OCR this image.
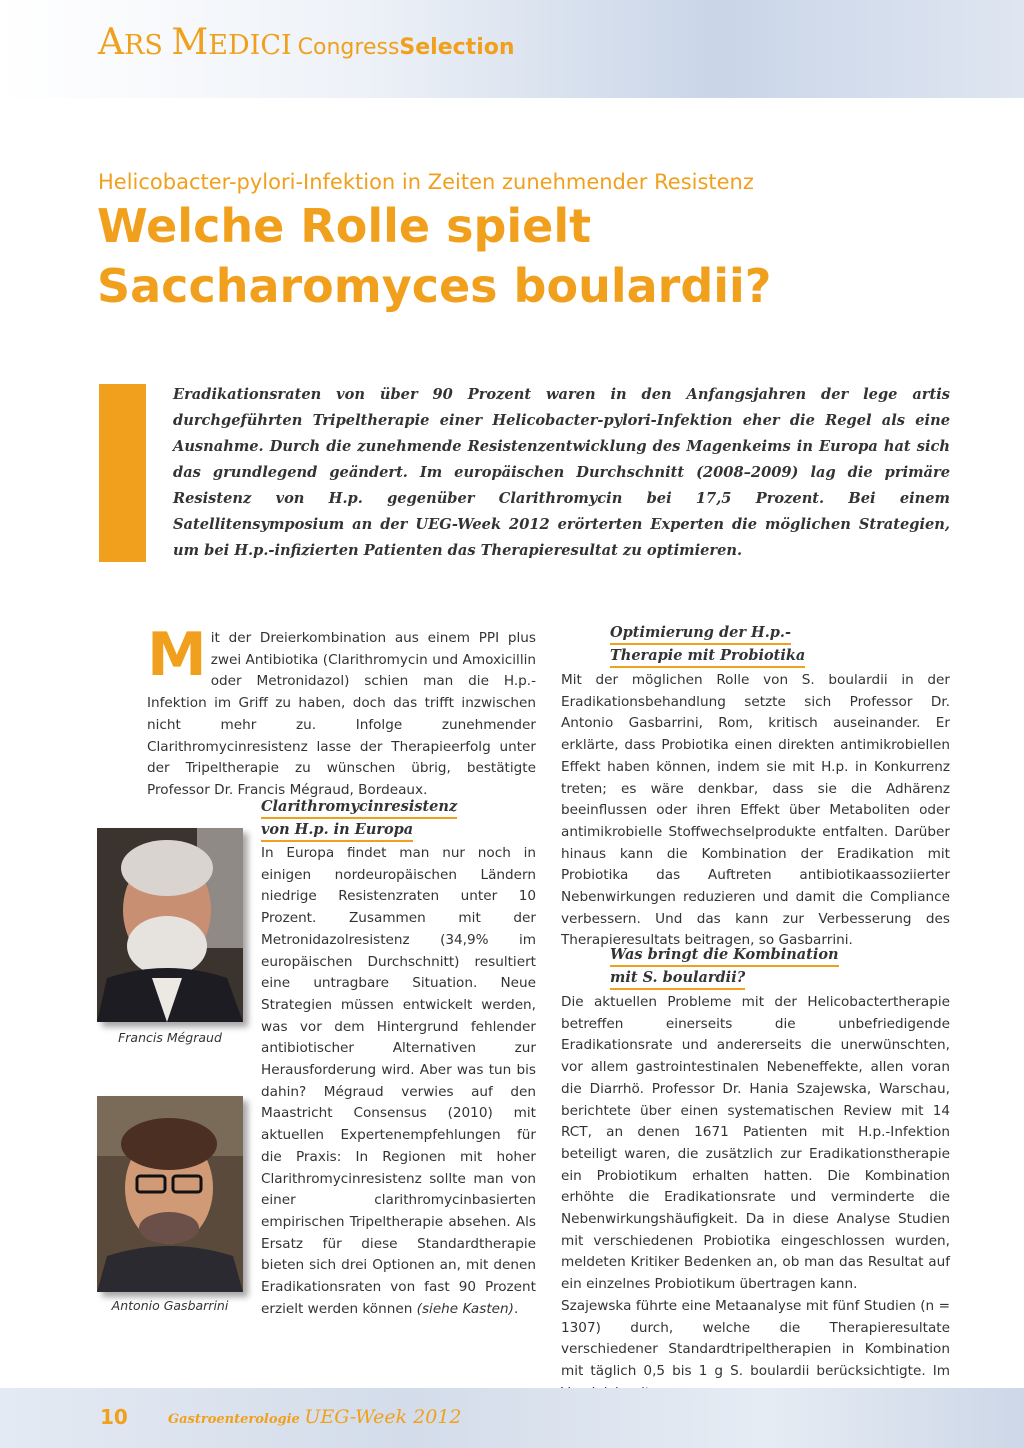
ARS MEDICI CongressSelection
Helicobacter-pylori-Infektion in Zeiten zunehmender Resistenz
Welche Rolle spielt
Saccharomyces boulardii?
Eradikationsraten von über 90 Prozent waren in den Anfangsjahren der lege artis durchgeführten Tripeltherapie einer Helicobacter-pylori-Infektion eher die Regel als eine Ausnahme. Durch die zunehmende Resistenzentwicklung des Magenkeims in Europa hat sich das grundlegend geändert. Im europäischen Durchschnitt (2008–2009) lag die primäre Resistenz von H.p. gegenüber Clarithromycin bei 17,5 Prozent. Bei einem Satellitensymposium an der UEG-Week 2012 erörterten Experten die möglichen Strategien, um bei H.p.-infizierten Patienten das Therapieresultat zu optimieren.
Mit der Dreierkombination aus einem PPI plus zwei Antibiotika (Clarithromycin und Amoxicillin oder Metronidazol) schien man die H.p.-Infektion im Griff zu haben, doch das trifft inzwischen nicht mehr zu. Infolge zunehmender Clarithromycinresistenz lasse der Therapieerfolg unter der Tripeltherapie zu wünschen übrig, bestätigte Professor Dr. Francis Mégraud, Bordeaux.
Clarithromycinresistenz
von H.p. in Europa
Francis Mégraud
In Europa findet man nur noch in einigen nordeuropäischen Ländern niedrige Resistenzraten unter 10 Prozent. Zusammen mit der Metronidazolresistenz (34,9% im europäischen Durchschnitt) resultiert eine untragbare Situation. Neue Strategien müssen entwickelt werden, was vor dem Hintergrund fehlender antibiotischer Alternativen zur Herausforderung wird. Aber was tun bis dahin? Mégraud verwies auf den Maastricht Consensus (2010) mit aktuellen Expertenempfehlungen für die Praxis: In Regionen mit hoher Clarithromycinresistenz sollte man von einer clarithromycinbasierten empirischen Tripeltherapie absehen. Als Ersatz für diese Standardtherapie bieten sich drei Optionen an, mit denen Eradikationsraten von fast 90 Prozent erzielt werden können (siehe Kasten).
Antonio Gasbarrini
Optimierung der H.p.-
Therapie mit Probiotika
Mit der möglichen Rolle von S. boulardii in der Eradikationsbehandlung setzte sich Professor Dr. Antonio Gasbarrini, Rom, kritisch auseinander. Er erklärte, dass Probiotika einen direkten antimikrobiellen Effekt haben können, indem sie mit H.p. in Konkurrenz treten; es wäre denkbar, dass sie die Adhärenz beeinflussen oder ihren Effekt über Metaboliten oder antimikrobielle Stoffwechselprodukte entfalten. Darüber hinaus kann die Kombination der Eradikation mit Probiotika das Auftreten antibiotikaassoziierter Nebenwirkungen reduzieren und damit die Compliance verbessern. Und das kann zur Verbesserung des Therapieresultats beitragen, so Gasbarrini.
Was bringt die Kombination
mit S. boulardii?

Die aktuellen Probleme mit der Helicobactertherapie betreffen einerseits die unbefriedigende Eradikationsrate und andererseits die unerwünschten, vor allem gastrointestinalen Nebeneffekte, allen voran die Diarrhö. Professor Dr. Hania Szajewska, Warschau, berichtete über einen systematischen Review mit 14 RCT, an denen 1671 Patienten mit H.p.-Infektion beteiligt waren, die zusätzlich zur Eradikationstherapie ein Probiotikum erhalten hatten. Die Kombination erhöhte die Eradikationsrate und verminderte die Nebenwirkungshäufigkeit. Da in diese Analyse Studien mit verschiedenen Probiotika eingeschlossen wurden, meldeten Kritiker Bedenken an, ob man das Resultat auf ein einzelnes Probiotikum übertragen kann.

Szajewska führte eine Metaanalyse mit fünf Studien (n = 1307) durch, welche die Therapieresultate verschiedener Standardtripeltherapien in Kombination mit täglich 0,5 bis 1 g S. boulardii berücksichtigte. Im

10	Gastroenterologie UEG-Week 2012
